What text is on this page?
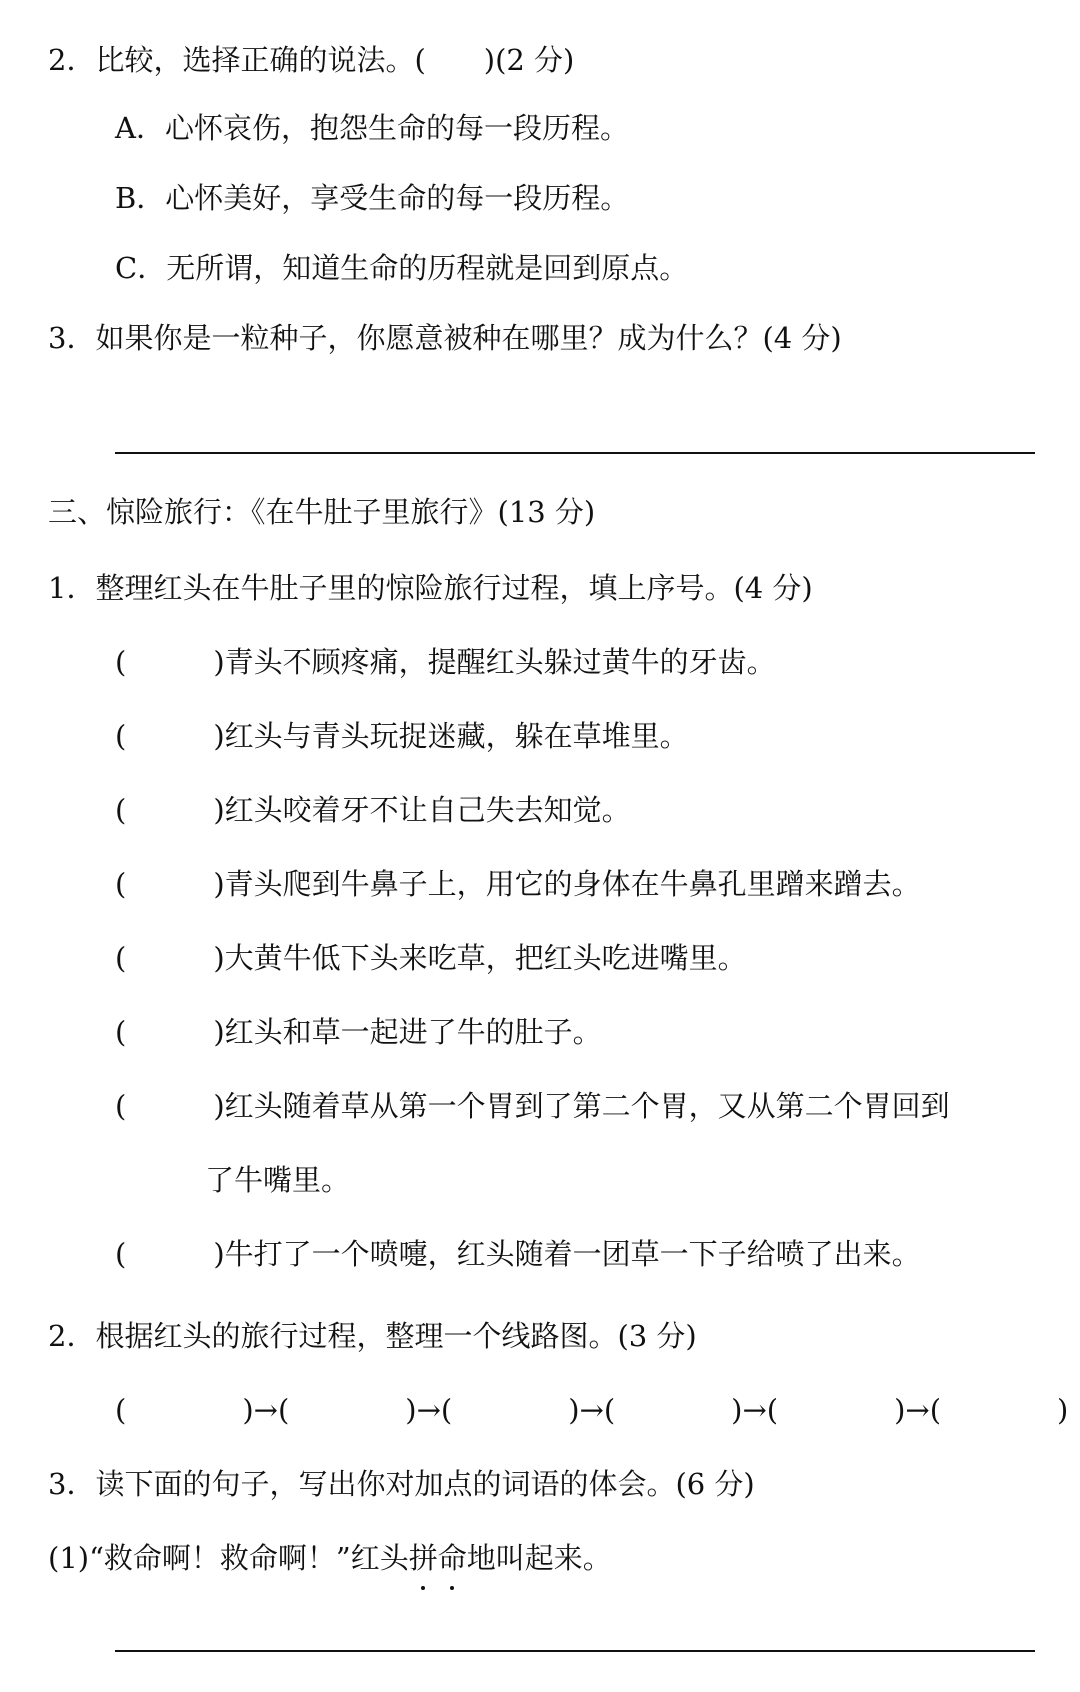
2．比较，选择正确的说法。(　　)(2 分)
A．心怀哀伤，抱怨生命的每一段历程。
B．心怀美好，享受生命的每一段历程。
C．无所谓，知道生命的历程就是回到原点。
3．如果你是一粒种子，你愿意被种在哪里？成为什么？(4 分)
三、惊险旅行：《在牛肚子里旅行》(13 分)
1．整理红头在牛肚子里的惊险旅行过程，填上序号。(4 分)
(　　　)青头不顾疼痛，提醒红头躲过黄牛的牙齿。
(　　　)红头与青头玩捉迷藏，躲在草堆里。
(　　　)红头咬着牙不让自己失去知觉。
(　　　)青头爬到牛鼻子上，用它的身体在牛鼻孔里蹭来蹭去。
(　　　)大黄牛低下头来吃草，把红头吃进嘴里。
(　　　)红头和草一起进了牛的肚子。
(　　　)红头随着草从第一个胃到了第二个胃，又从第二个胃回到
了牛嘴里。
(　　　)牛打了一个喷嚏，红头随着一团草一下子给喷了出来。
2．根据红头的旅行过程，整理一个线路图。(3 分)
(　　　　)→ (　　　　)→ (　　　　)→ (　　　　)→ (　　　　)→ (　　　　)
3．读下面的句子，写出你对加点的词语的体会。(6 分)
(1)“救命啊！救命啊！”红头拼命地叫起来。
